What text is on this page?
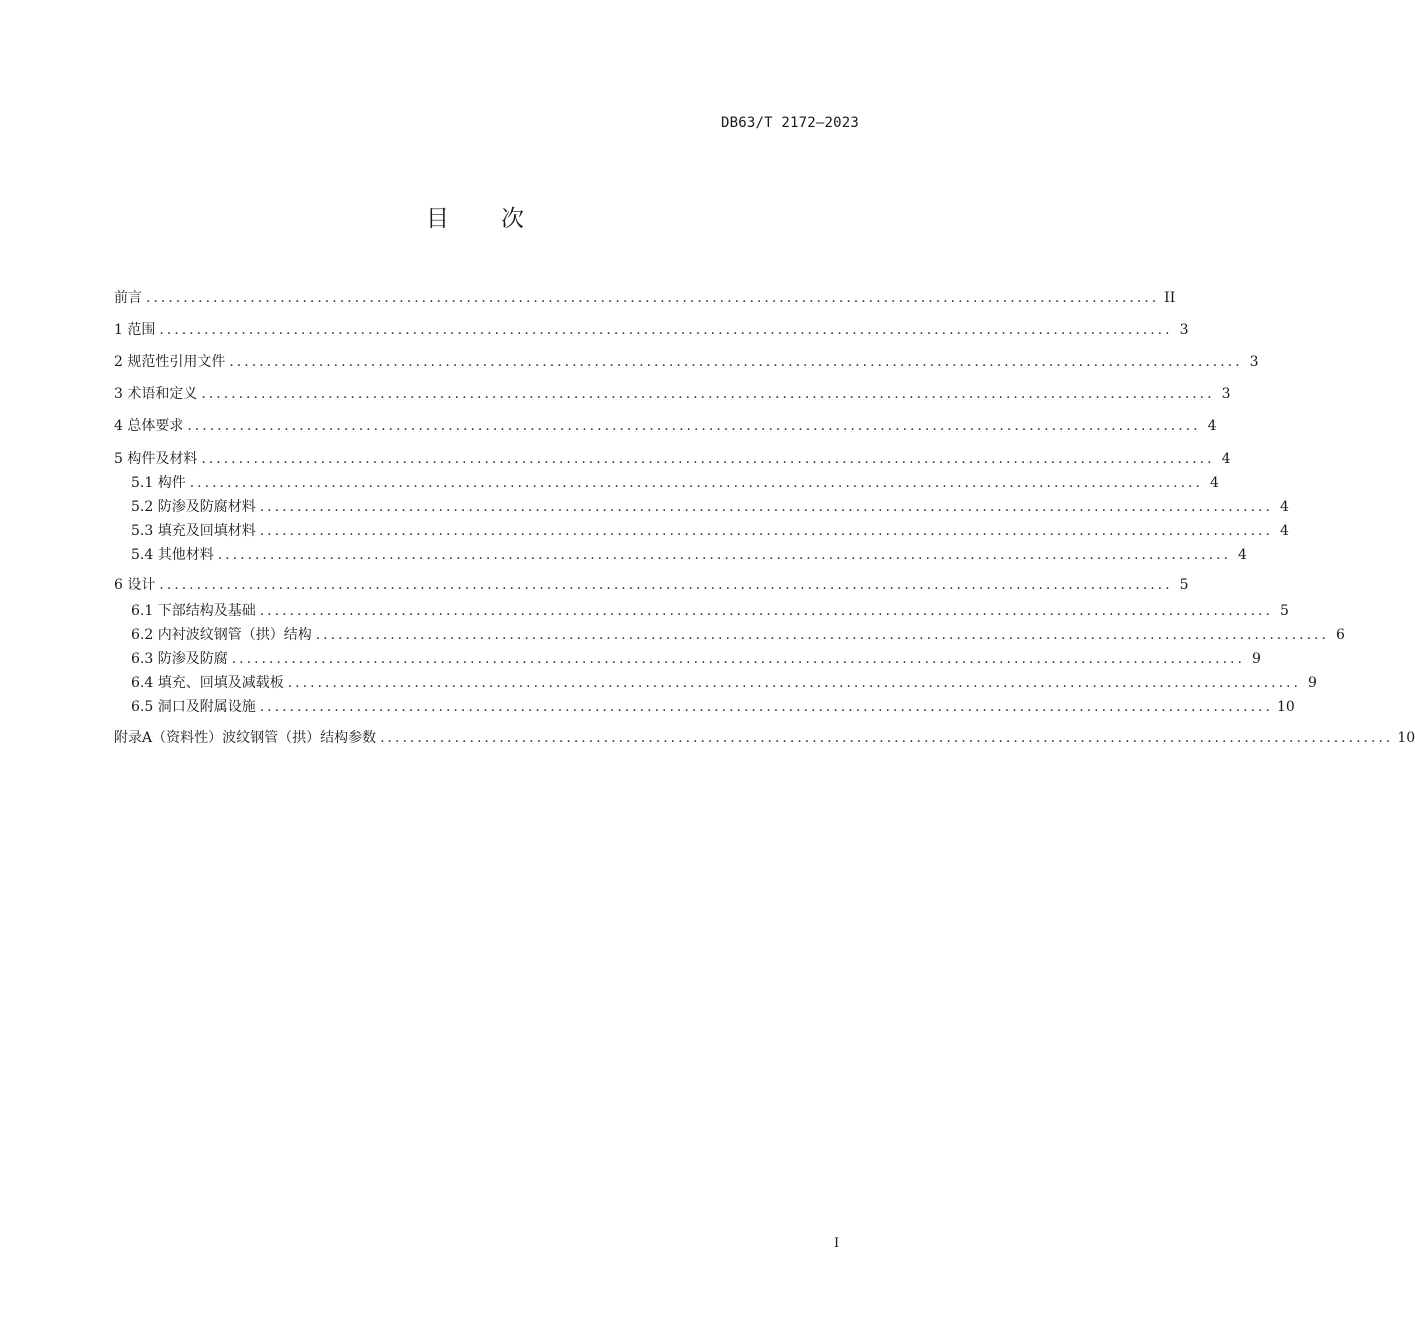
DB63/T 2172—2023
目次
前言 ........................................................................................................................................ II
1 范围 ........................................................................................................................................ 3
2 规范性引用文件 ........................................................................................................................................ 3
3 术语和定义 ........................................................................................................................................ 3
4 总体要求 ........................................................................................................................................ 4
5 构件及材料 ........................................................................................................................................ 4
5.1 构件 ........................................................................................................................................ 4
5.2 防渗及防腐材料 ........................................................................................................................................ 4
5.3 填充及回填材料 ........................................................................................................................................ 4
5.4 其他材料 ........................................................................................................................................ 4
6 设计 ........................................................................................................................................ 5
6.1 下部结构及基础 ........................................................................................................................................ 5
6.2 内衬波纹钢管（拱）结构 ........................................................................................................................................ 6
6.3 防渗及防腐 ........................................................................................................................................ 9
6.4 填充、回填及减载板 ........................................................................................................................................ 9
6.5 洞口及附属设施 ........................................................................................................................................ 10
附录A（资料性）波纹钢管（拱）结构参数 ........................................................................................................................................ 10
I
